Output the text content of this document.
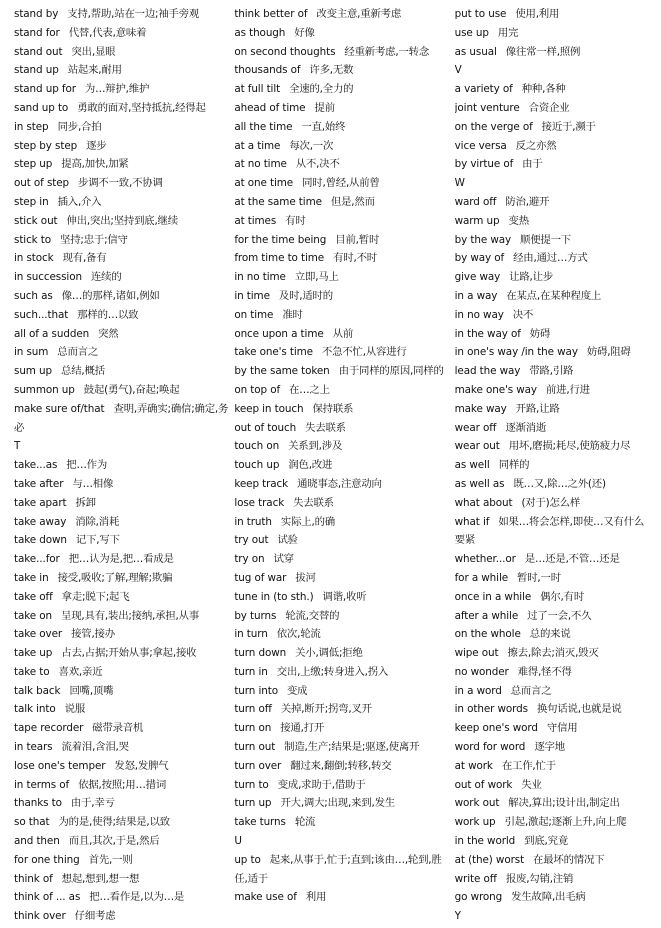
stand by 支持,帮助,站在一边;袖手旁观
stand for 代替,代表,意味着
stand out 突出,显眼
stand up 站起来,耐用
stand up for 为…辩护,维护
sand up to 勇敢的面对,坚持抵抗,经得起
in step 同步,合拍
step by step 逐步
step up 提高,加快,加紧
out of step 步调不一致,不协调
step in 插入,介入
stick out 伸出,突出;坚持到底,继续
stick to 坚持;忠于;信守
in stock 现有,备有
in succession 连续的
such as 像…的那样,诸如,例如
such...that 那样的…以致
all of a sudden 突然
in sum 总而言之
sum up 总结,概括
summon up 鼓起(勇气),奋起;唤起
make sure of/that 查明,弄确实;确信;确定,务必
T
take...as 把…作为
take after 与…相像
take apart 拆卸
take away 消除,消耗
take down 记下,写下
take...for 把…认为是,把…看成是
take in 接受,吸收;了解,理解;欺骗
take off 拿走;脱下;起飞
take on 呈现,具有,装出;接纳,承担,从事
take over 接管,接办
take up 占去,占据;开始从事;拿起,接收
take to 喜欢,亲近
talk back 回嘴,顶嘴
talk into 说服
tape recorder 磁带录音机
in tears 流着泪,含泪,哭
lose one's temper 发怒,发脾气
in terms of 依据,按照;用…措词
thanks to 由于,幸亏
so that 为的是,使得;结果是,以致
and then 而且,其次,于是,然后
for one thing 首先,一则
think of 想起,想到,想一想
think of ... as 把…看作是,以为…是
think over 仔细考虑
think better of 改变主意,重新考虑
as though 好像
on second thoughts 经重新考虑,一转念
thousands of 许多,无数
at full tilt 全速的,全力的
ahead of time 提前
all the time 一直,始终
at a time 每次,一次
at no time 从不,决不
at one time 同时,曾经,从前曾
at the same time 但是,然而
at times 有时
for the time being 目前,暂时
from time to time 有时,不时
in no time 立即,马上
in time 及时,适时的
on time 准时
once upon a time 从前
take one's time 不急不忙,从容进行
by the same token 由于同样的原因,同样的
on top of 在…之上
keep in touch 保持联系
out of touch 失去联系
touch on 关系到,涉及
touch up 润色,改进
keep track 通晓事态,注意动向
lose track 失去联系
in truth 实际上,的确
try out 试验
try on 试穿
tug of war 拔河
tune in (to sth.) 调谐,收听
by turns 轮流,交替的
in turn 依次,轮流
turn down 关小,调低;拒绝
turn in 交出,上缴;转身进入,拐入
turn into 变成
turn off 关掉,断开;拐弯,叉开
turn on 接通,打开
turn out 制造,生产;结果是;驱逐,使离开
turn over 翻过来,翻倒;转移,转交
turn to 变成,求助于,借助于
turn up 开大,调大;出现,来到,发生
take turns 轮流
U
up to 起来,从事于,忙于;直到;该由…,轮到,胜任,适于
make use of 利用
put to use 使用,利用
use up 用完
as usual 像往常一样,照例
V
a variety of 种种,各种
joint venture 合资企业
on the verge of 接近于,濒于
vice versa 反之亦然
by virtue of 由于
W
ward off 防治,避开
warm up 变热
by the way 顺便提一下
by way of 经由,通过…方式
give way 让路,让步
in a way 在某点,在某种程度上
in no way 决不
in the way of 妨碍
in one's way /in the way 妨碍,阻碍
lead the way 带路,引路
make one's way 前进,行进
make way 开路,让路
wear off 逐渐消逝
wear out 用坏,磨损;耗尽,使筋疲力尽
as well 同样的
as well as 既…又,除…之外(还)
what about (对于)怎么样
what if 如果…将会怎样,即使…又有什么要紧
whether...or 是…还是,不管…还是
for a while 暂时,一时
once in a while 偶尔,有时
after a while 过了一会,不久
on the whole 总的来说
wipe out 擦去,除去;消灭,毁灭
no wonder 难得,怪不得
in a word 总而言之
in other words 换句话说,也就是说
keep one's word 守信用
word for word 逐字地
at work 在工作,忙于
out of work 失业
work out 解决,算出;设计出,制定出
work up 引起,激起;逐渐上升,向上爬
in the world 到底,究竟
at (the) worst 在最坏的情况下
write off 报废,勾销,注销
go wrong 发生故障,出毛病
Y
